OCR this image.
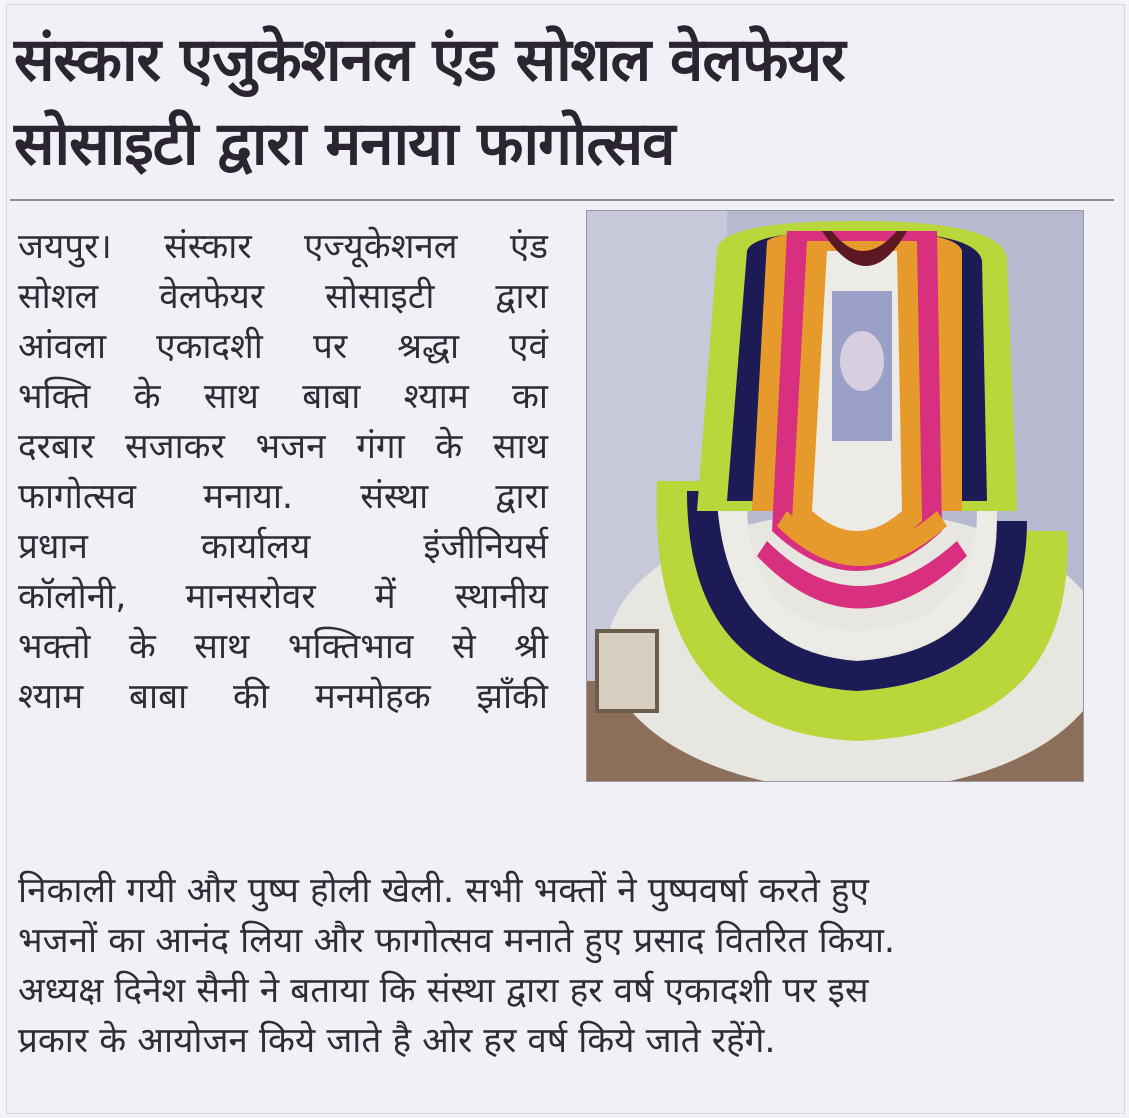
संस्कार एजुकेशनल एंड सोशल वेलफेयर
सोसाइटी द्वारा मनाया फागोत्सव
जयपुर। संस्कार एज्यूकेशनल एंड
सोशल वेलफेयर सोसाइटी द्वारा
आंवला एकादशी पर श्रद्धा एवं
भक्ति के साथ बाबा श्याम का
दरबार सजाकर भजन गंगा के साथ
फागोत्सव मनाया. संस्था द्वारा
प्रधान कार्यालय इंजीनियर्स
कॉलोनी, मानसरोवर में स्थानीय
भक्तो के साथ भक्तिभाव से श्री
श्याम बाबा की मनमोहक झाँकी
निकाली गयी और पुष्प होली खेली. सभी भक्तों ने पुष्पवर्षा करते हुए
भजनों का आनंद लिया और फागोत्सव मनाते हुए प्रसाद वितरित किया.
अध्यक्ष दिनेश सैनी ने बताया कि संस्था द्वारा हर वर्ष एकादशी पर इस
प्रकार के आयोजन किये जाते है ओर हर वर्ष किये जाते रहेंगे.
